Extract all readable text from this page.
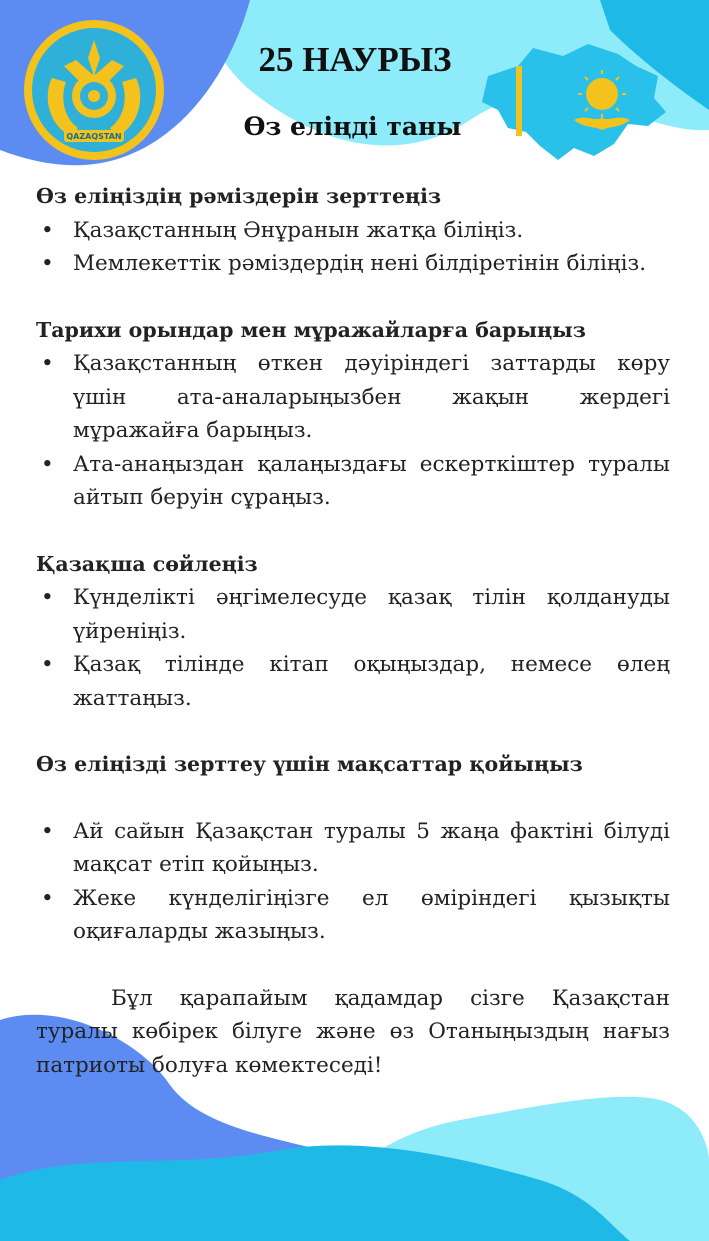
QAZAQSTAN
25 НАУРЫЗ
Өз еліңді таны

Өз еліңіздің рәміздерін зерттеңіз

• Қазақстанның Әнұранын жатқа біліңіз.
• Мемлекеттік рәміздердің нені білдіретінін біліңіз.

Тарихи орындар мен мұражайларға барыңыз

• Қазақстанның өткен дәуіріндегі заттарды көру үшін ата-аналарыңызбен жақын жердегі мұражайға барыңыз.
• Ата-анаңыздан қалаңыздағы ескерткіштер туралы айтып беруін сұраңыз.

Қазақша сөйлеңіз

• Күнделікті әңгімелесуде қазақ тілін қолдануды үйреніңіз.
• Қазақ тілінде кітап оқыңыздар, немесе өлең жаттаңыз.

Өз еліңізді зерттеу үшін мақсаттар қойыңыз

• Ай сайын Қазақстан туралы 5 жаңа фактіні білуді мақсат етіп қойыңыз.
• Жеке күнделігіңізге ел өміріндегі қызықты оқиғаларды жазыңыз.

Бұл қарапайым қадамдар сізге Қазақстан туралы көбірек білуге және өз Отаныңыздың нағыз патриоты болуға көмектеседі!
